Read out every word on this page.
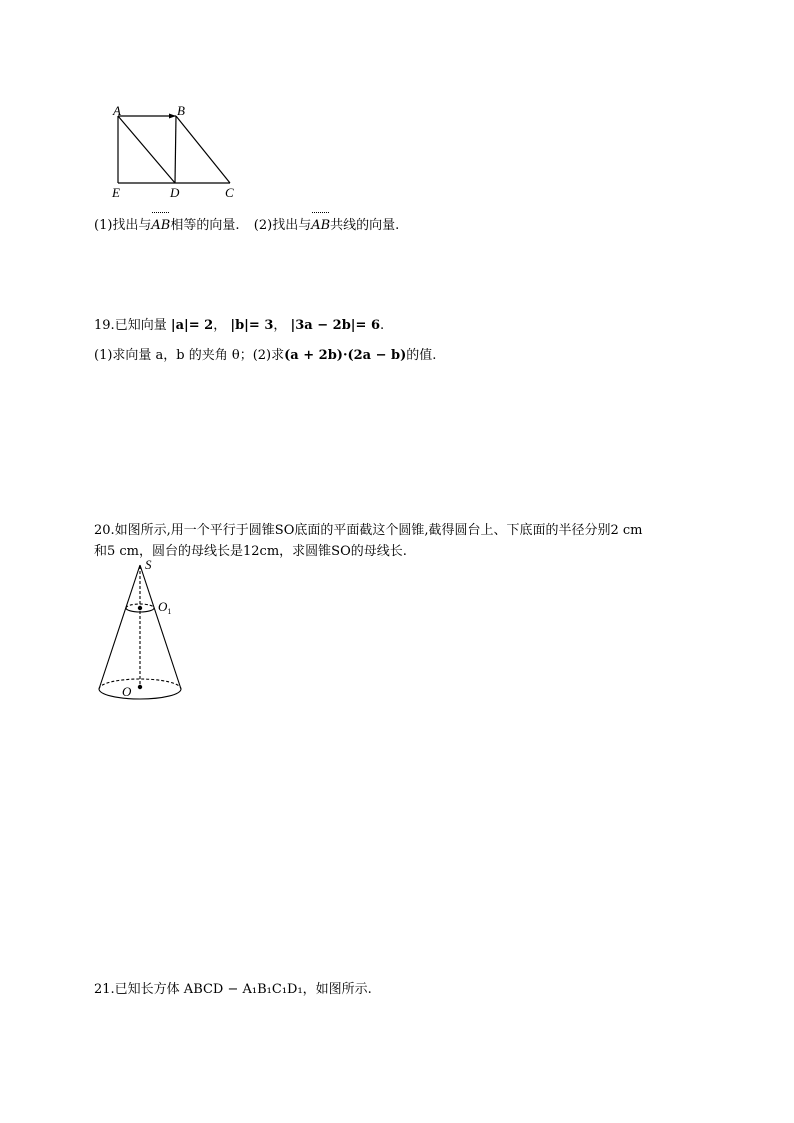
A	B
E	D	C
(1)找出与
AB相等的向量. (2)找出与
AB共线的向量.
19.已知向量 |a|= 2， |b|= 3， |3a − 2b|= 6.
(1)求向量 a，b 的夹角 θ；(2)求(a + 2b)·(2a − b)的值.
20.如图所示,用一个平行于圆锥SO底面的平面截这个圆锥,截得圆台上、下底面的半径分别2 cm
和5 cm，圆台的母线长是12cm，求圆锥SO的母线长.
S
$O_1$
O
21.已知长方体 ABCD − A₁B₁C₁D₁，如图所示.
